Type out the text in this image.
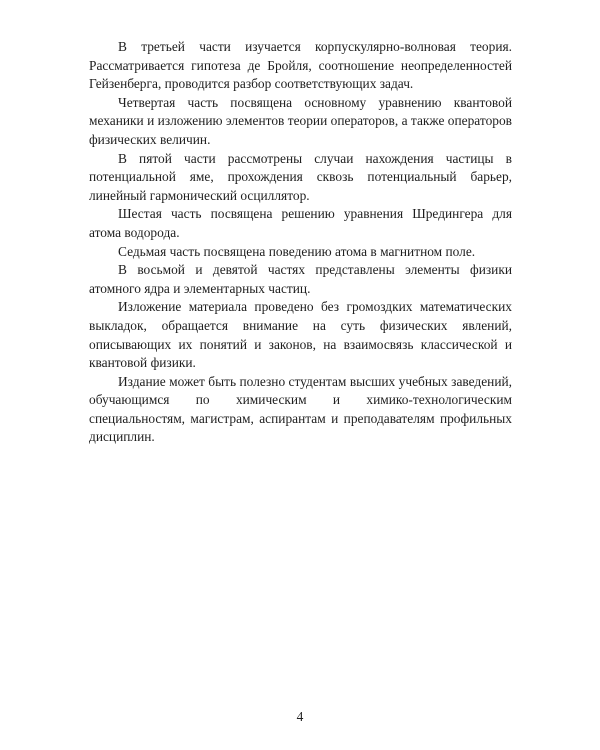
В третьей части изучается корпускулярно-волновая теория. Рассматривается гипотеза де Бройля, соотношение неопределенностей Гейзенберга, проводится разбор соответствующих задач.

Четвертая часть посвящена основному уравнению квантовой механики и изложению элементов теории операторов, а также операторов физических величин.

В пятой части рассмотрены случаи нахождения частицы в потенциальной яме, прохождения сквозь потенциальный барьер, линейный гармонический осциллятор.

Шестая часть посвящена решению уравнения Шредингера для атома водорода.

Седьмая часть посвящена поведению атома в магнитном поле.

В восьмой и девятой частях представлены элементы физики атомного ядра и элементарных частиц.

Изложение материала проведено без громоздких математических выкладок, обращается внимание на суть физических явлений, описывающих их понятий и законов, на взаимосвязь классической и квантовой физики.

Издание может быть полезно студентам высших учебных заведений, обучающимся по химическим и химико-технологическим специальностям, магистрам, аспирантам и преподавателям профильных дисциплин.

4
